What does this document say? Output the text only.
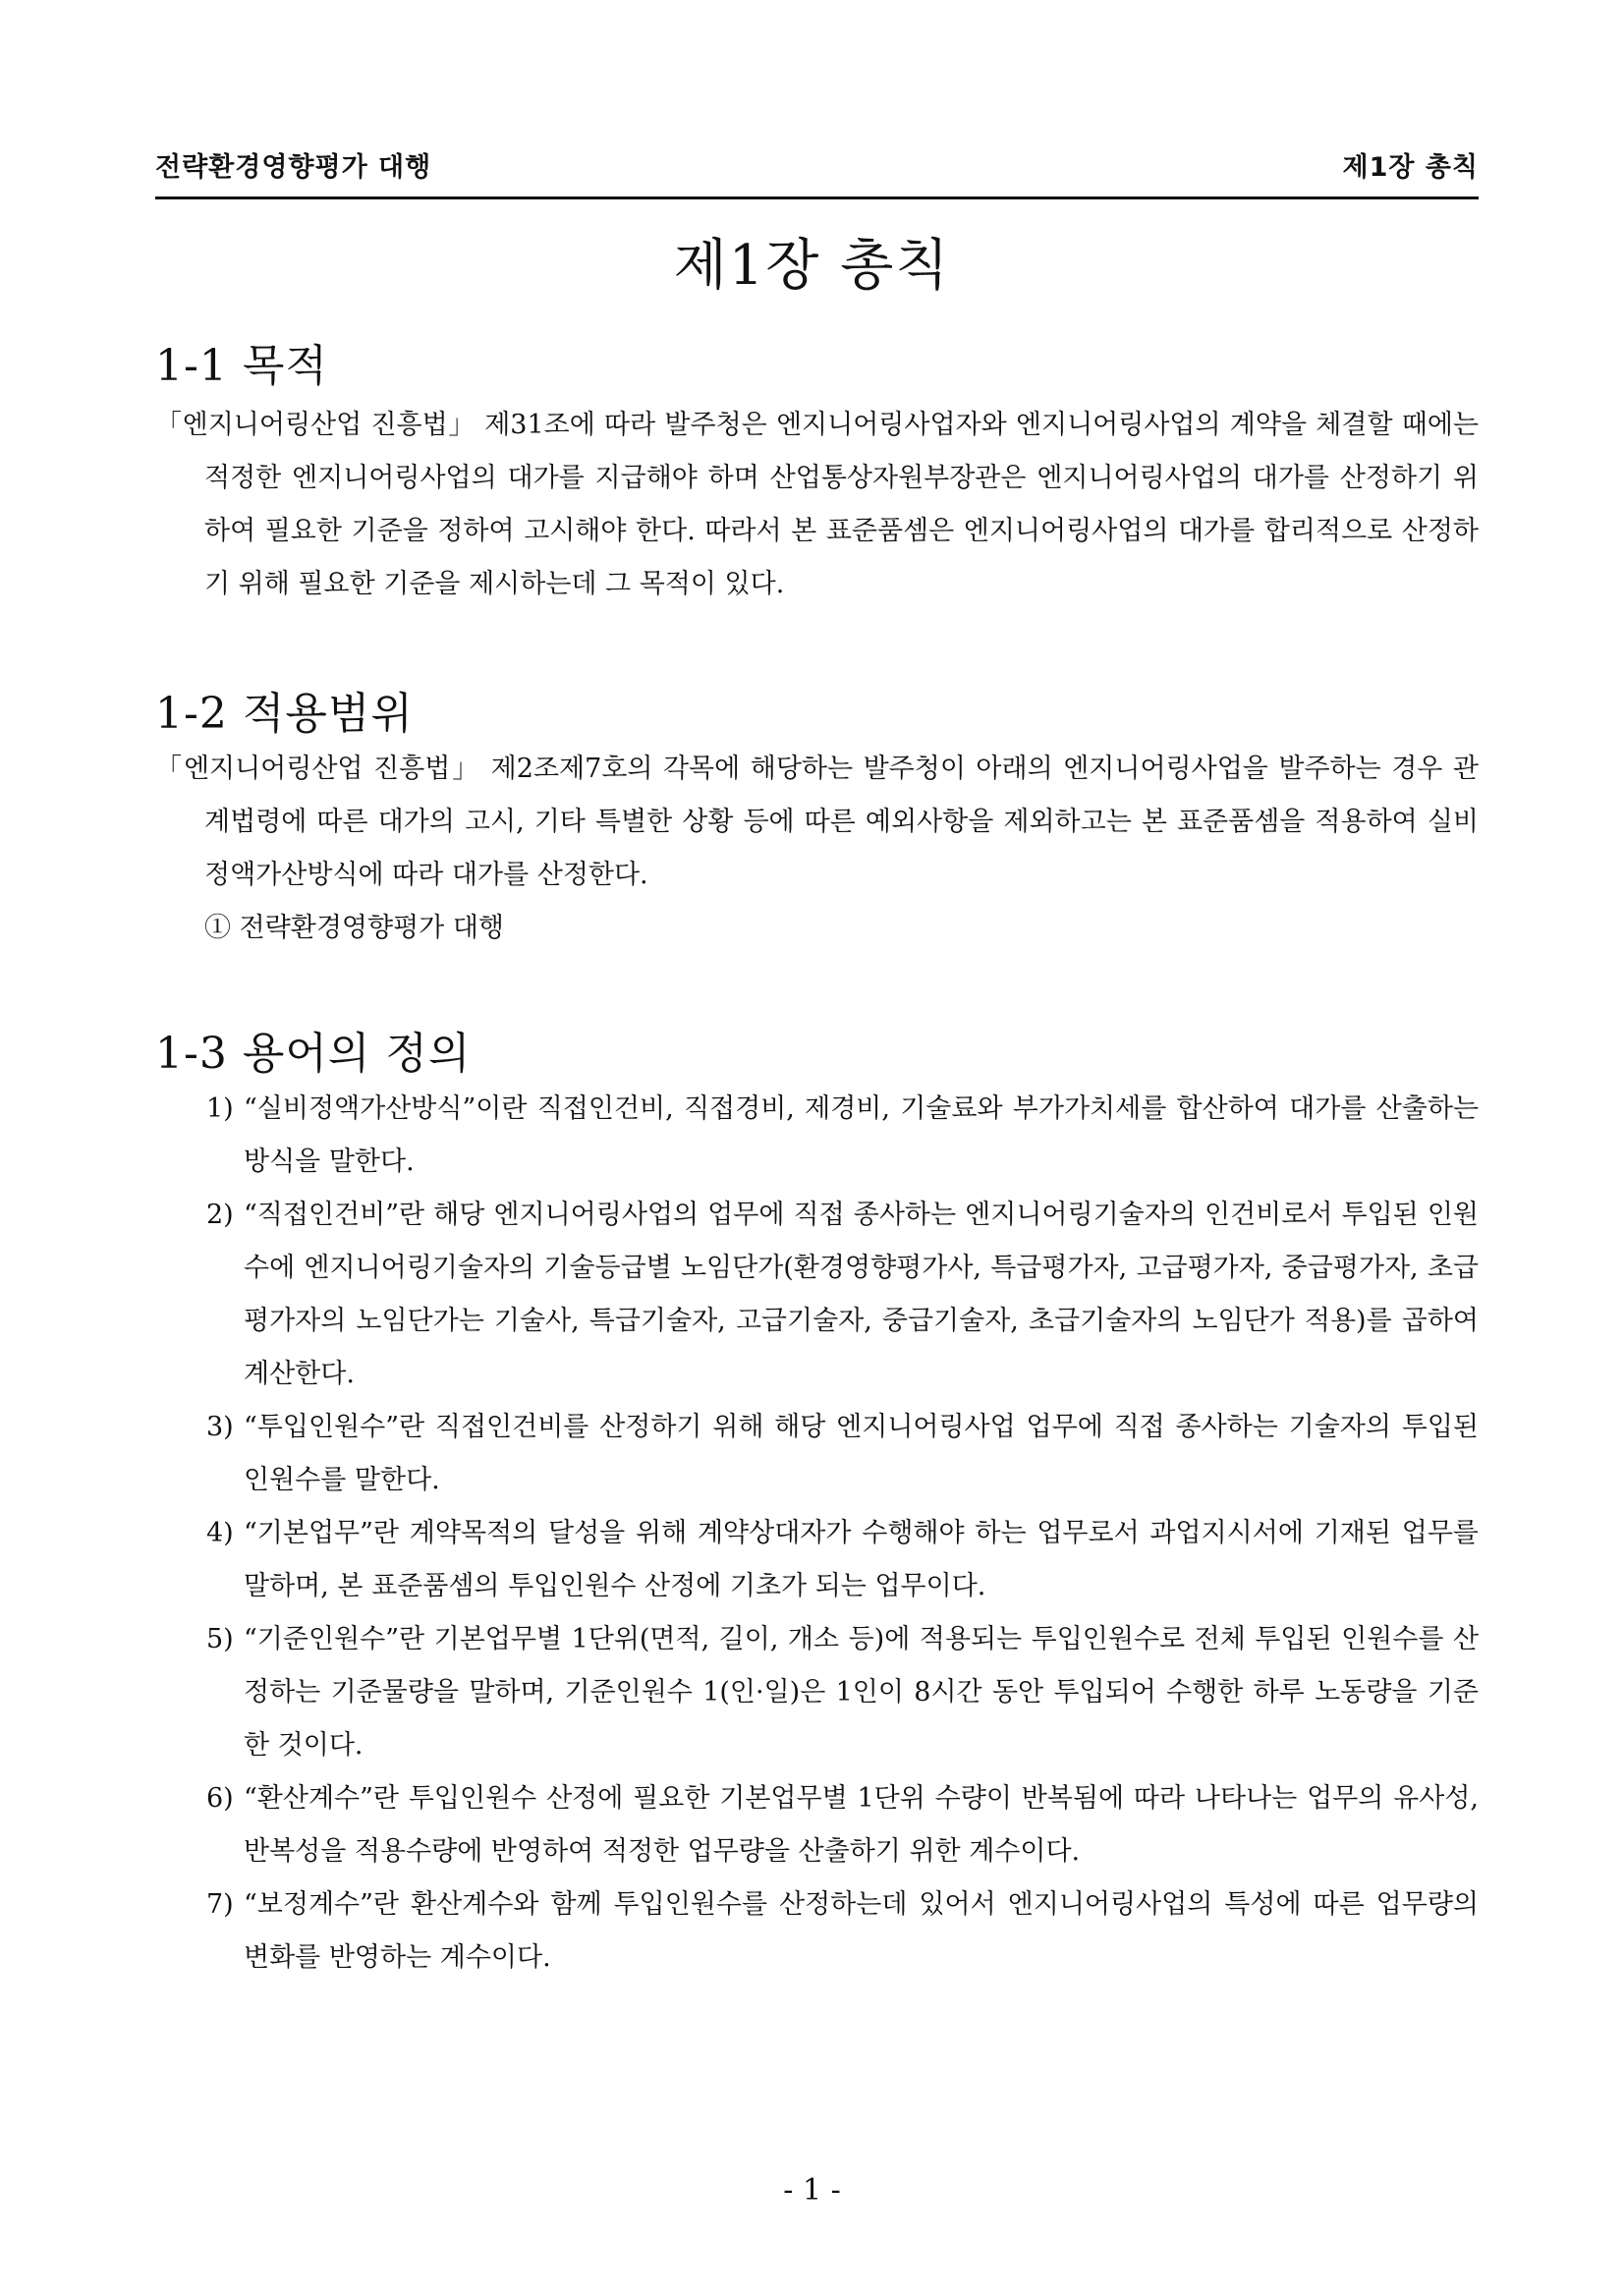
전략환경영향평가 대행	제1장 총칙
제1장 총칙
1-1 목적

「엔지니어링산업 진흥법」 제31조에 따라 발주청은 엔지니어링사업자와 엔지니어링사업의 계약을 체결할 때에는 적정한 엔지니어링사업의 대가를 지급해야 하며 산업통상자원부장관은 엔지니어링사업의 대가를 산정하기 위하여 필요한 기준을 정하여 고시해야 한다. 따라서 본 표준품셈은 엔지니어링사업의 대가를 합리적으로 산정하기 위해 필요한 기준을 제시하는데 그 목적이 있다.

1-2 적용범위

「엔지니어링산업 진흥법」 제2조제7호의 각목에 해당하는 발주청이 아래의 엔지니어링사업을 발주하는 경우 관계법령에 따른 대가의 고시, 기타 특별한 상황 등에 따른 예외사항을 제외하고는 본 표준품셈을 적용하여 실비정액가산방식에 따라 대가를 산정한다.

① 전략환경영향평가 대행

1-3 용어의 정의

1) “실비정액가산방식”이란 직접인건비, 직접경비, 제경비, 기술료와 부가가치세를 합산하여 대가를 산출하는 방식을 말한다.

2) “직접인건비”란 해당 엔지니어링사업의 업무에 직접 종사하는 엔지니어링기술자의 인건비로서 투입된 인원수에 엔지니어링기술자의 기술등급별 노임단가(환경영향평가사, 특급평가자, 고급평가자, 중급평가자, 초급평가자의 노임단가는 기술사, 특급기술자, 고급기술자, 중급기술자, 초급기술자의 노임단가 적용)를 곱하여 계산한다.

3) “투입인원수”란 직접인건비를 산정하기 위해 해당 엔지니어링사업 업무에 직접 종사하는 기술자의 투입된 인원수를 말한다.

4) “기본업무”란 계약목적의 달성을 위해 계약상대자가 수행해야 하는 업무로서 과업지시서에 기재된 업무를 말하며, 본 표준품셈의 투입인원수 산정에 기초가 되는 업무이다.

5) “기준인원수”란 기본업무별 1단위(면적, 길이, 개소 등)에 적용되는 투입인원수로 전체 투입된 인원수를 산정하는 기준물량을 말하며, 기준인원수 1(인·일)은 1인이 8시간 동안 투입되어 수행한 하루 노동량을 기준한 것이다.

6) “환산계수”란 투입인원수 산정에 필요한 기본업무별 1단위 수량이 반복됨에 따라 나타나는 업무의 유사성, 반복성을 적용수량에 반영하여 적정한 업무량을 산출하기 위한 계수이다.

7) “보정계수”란 환산계수와 함께 투입인원수를 산정하는데 있어서 엔지니어링사업의 특성에 따른 업무량의 변화를 반영하는 계수이다.

- 1 -
